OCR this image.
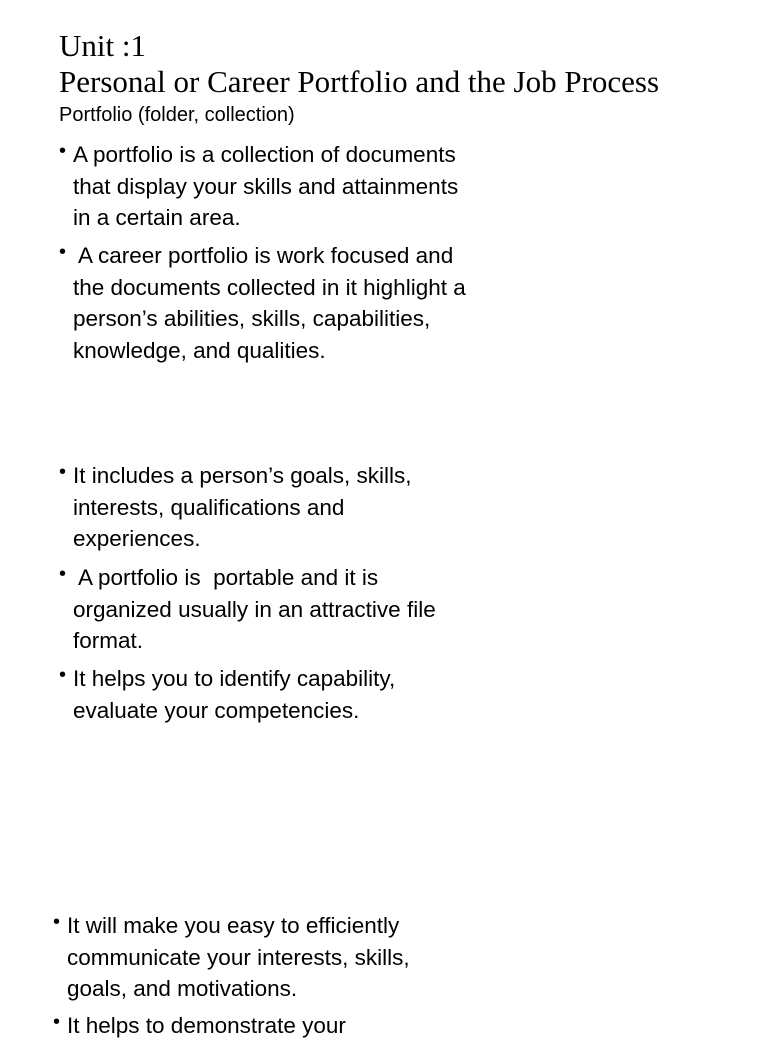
Unit :1
Personal or Career Portfolio and the Job Process
Portfolio (folder, collection)
• A portfolio is a collection of documents
that display your skills and attainments
in a certain area.
• A career portfolio is work focused and
the documents collected in it highlight a
person’s abilities, skills, capabilities,
knowledge, and qualities.
• It includes a person’s goals, skills,
interests, qualifications and
experiences.
• A portfolio is  portable and it is
organized usually in an attractive file
format.
• It helps you to identify capability,
evaluate your competencies.
• It will make you easy to efficiently
communicate your interests, skills,
goals, and motivations.
• It helps to demonstrate your
